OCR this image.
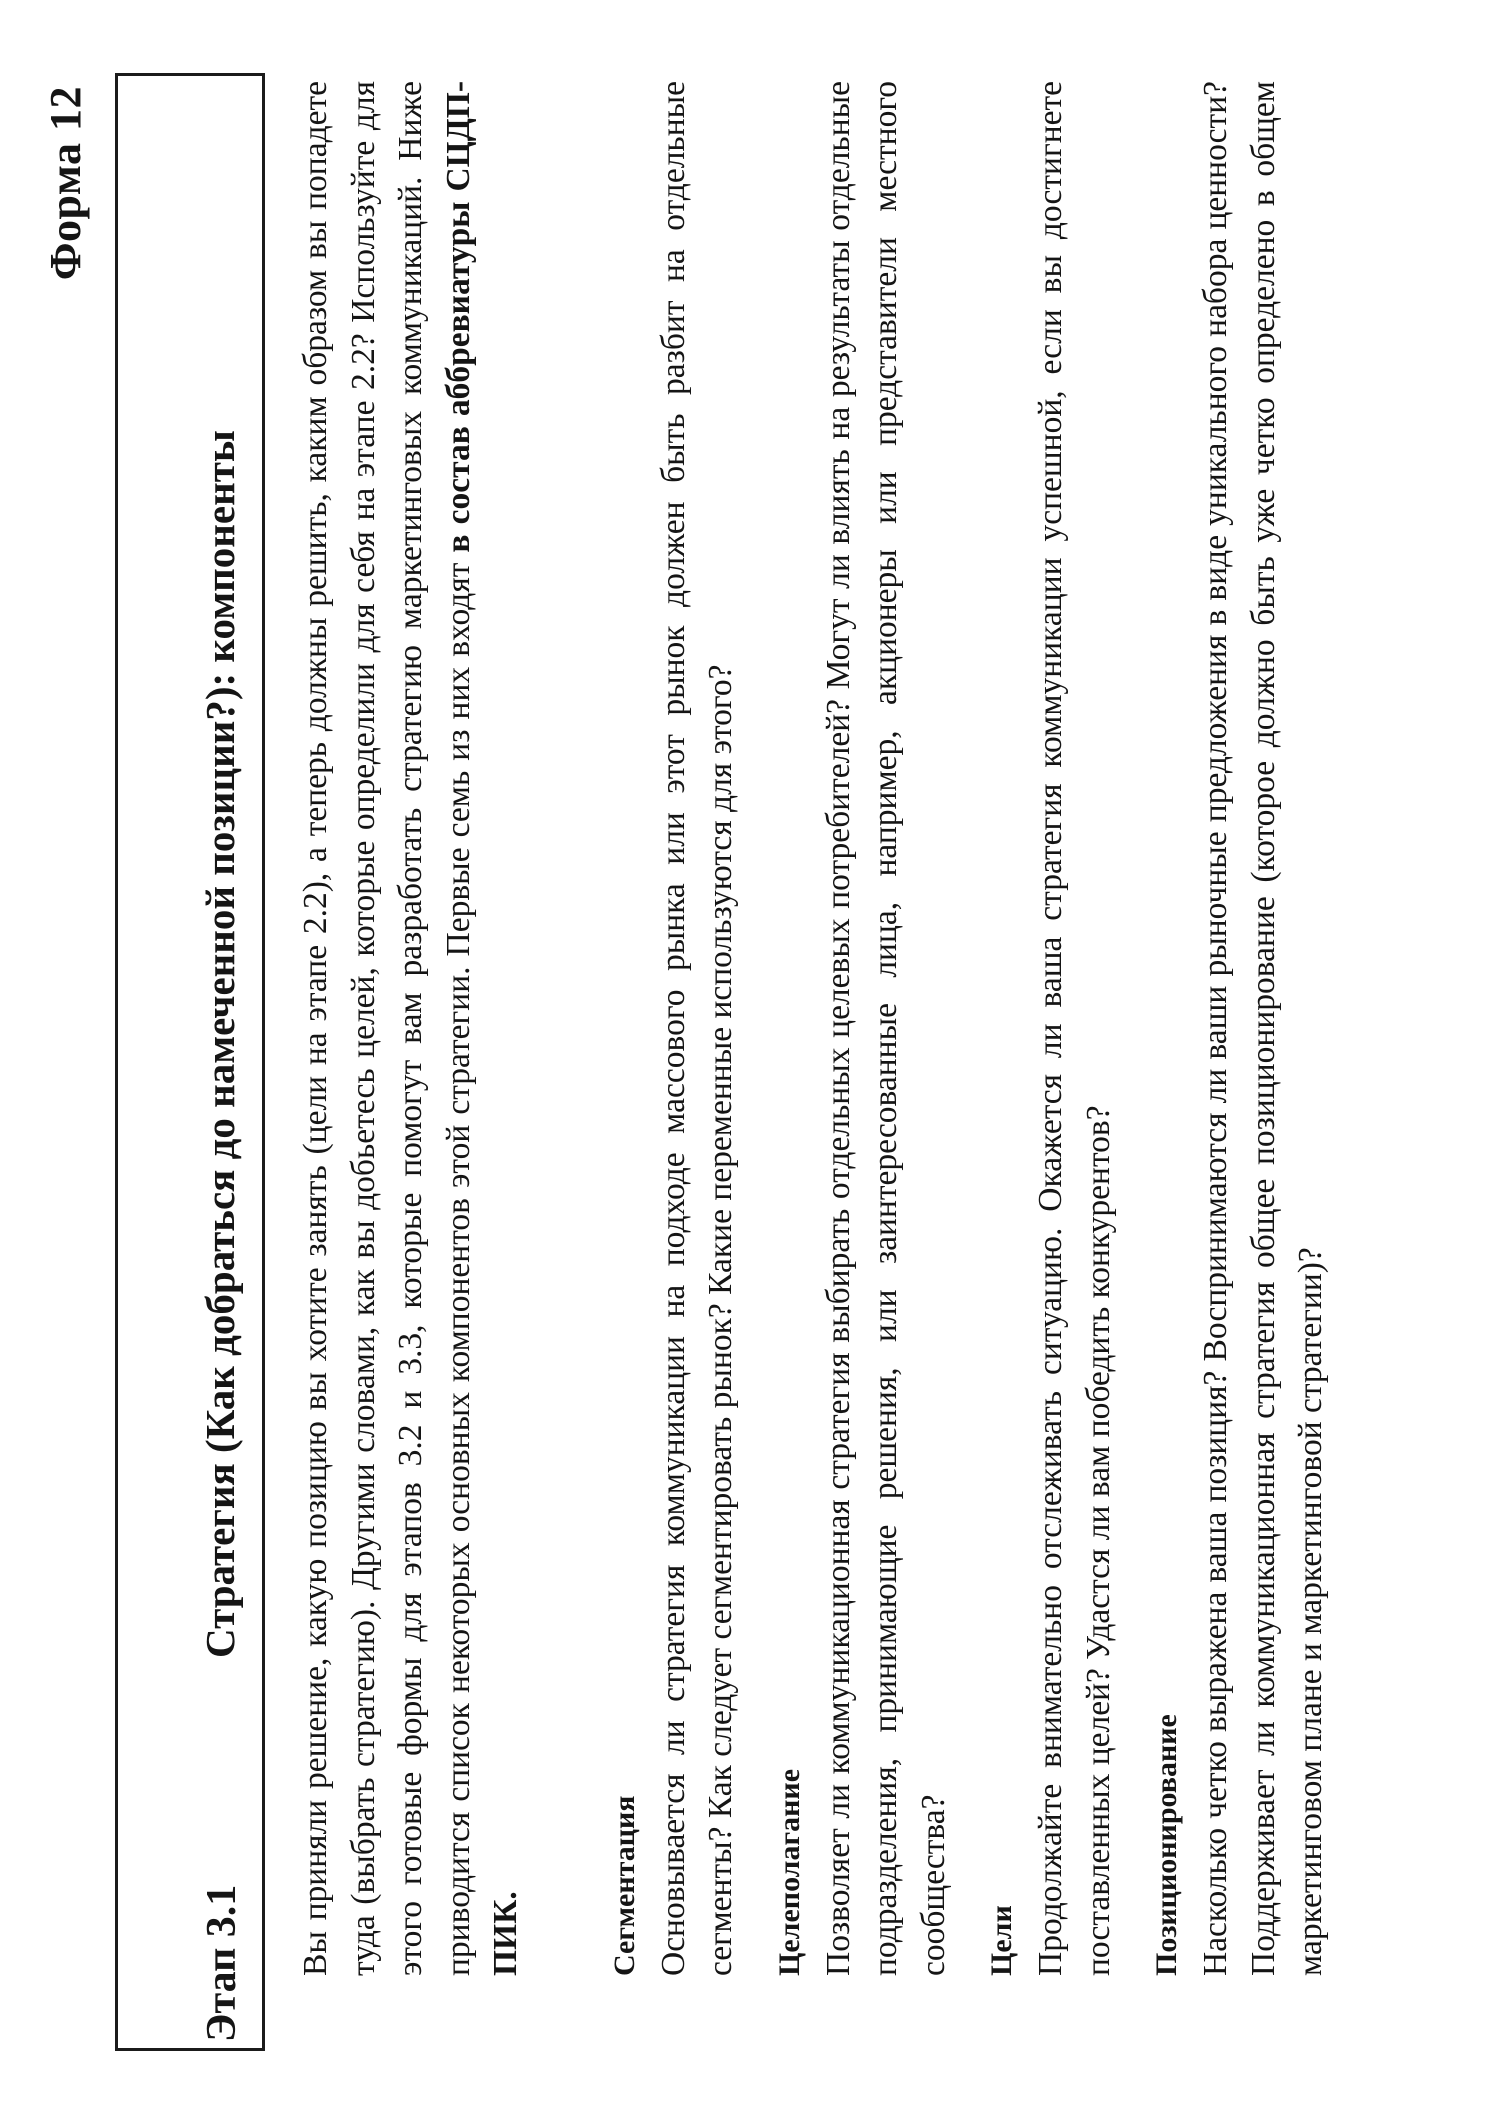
Форма 12
Этап 3.1
Стратегия (Как добраться до намеченной позиции?): компоненты Вы приняли решение, какую позицию вы хотите занять (цели на этапе 2.2), а теперь должны решить, каким образом вы попадете туда (выбрать стратегию). Другими словами, как вы добьетесь целей, которые определили для себя на этапе 2.2? Используйте для этого готовые формы для этапов 3.2 и 3.3, которые помогут вам разработать стратегию маркетинговых коммуникаций. Ниже приводится список некоторых основных компонентов этой стратегии. Первые семь из них входят в состав аббревиатуры СЦДП-ПИК.	Сегментация Основывается ли стратегия коммуникации на подходе массового рынка или этот рынок должен быть разбит на отдельные сегменты? Как следует сегментировать рынок? Какие переменные используются для этого? Целеполагание Позволяет ли коммуникационная стратегия выбирать отдельных целевых потребителей? Могут ли влиять на результаты отдельные подразделения, принимающие решения, или заинтересованные лица, например, акционеры или представители местного сообщества? Цели Продолжайте внимательно отслеживать ситуацию. Окажется ли ваша стратегия коммуникации успешной, если вы достигнете поставленных целей? Удастся ли вам победить конкурентов? Позиционирование Насколько четко выражена ваша позиция? Воспринимаются ли ваши рыночные предложения в виде уникального набора ценности? Поддерживает ли коммуникационная стратегия общее позиционирование (которое должно быть уже четко определено в общем маркетинговом плане и маркетинговой стратегии)?
